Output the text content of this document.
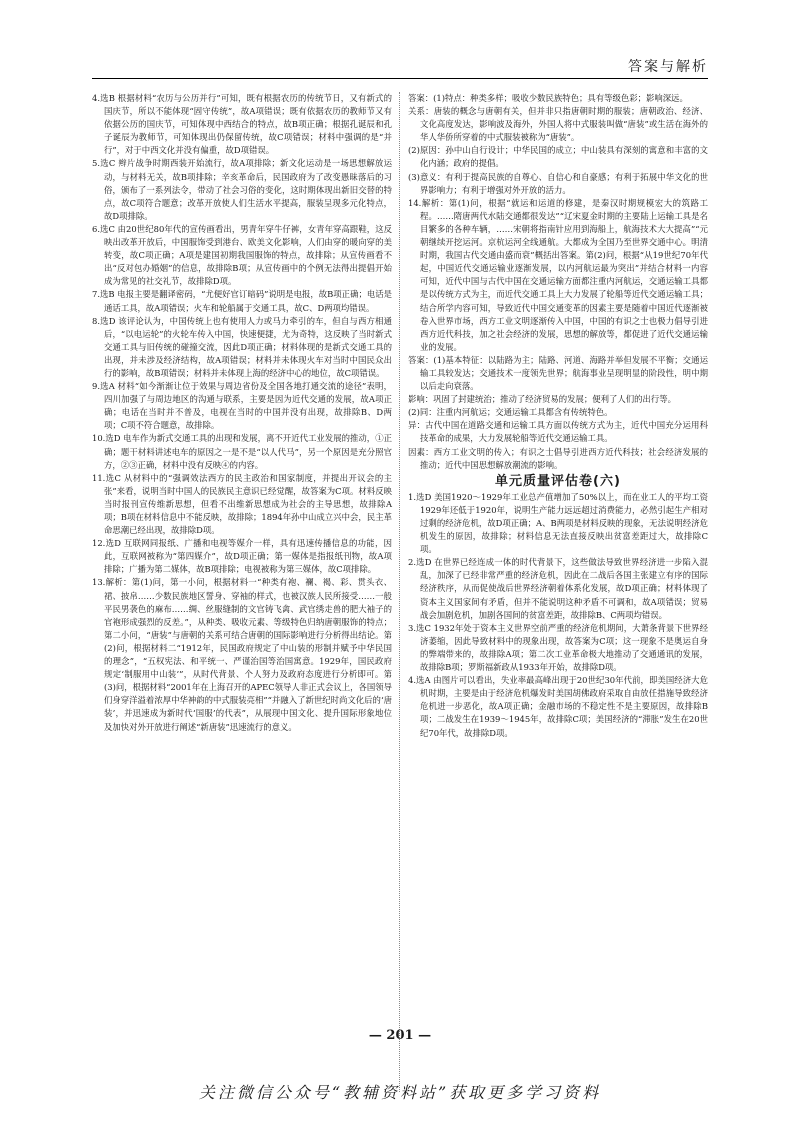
答案与解析

4.选B 根据材料“农历与公历并行”可知，既有根据农历的传统节日，又有新式的国庆节，所以不能体现“固守传统”，故A项错误；既有依据农历的教师节又有依据公历的国庆节，可知体现中西结合的特点，故B项正确；根据孔诞辰和孔子诞辰为教师节，可知体现出仍保留传统，故C项错误；材料中强调的是“并行”，对于中西文化并没有偏重，故D项错误。

5.选C 辫片战争时期西装开始流行，故A项排除；新文化运动是一场思想解放运动，与材料无关，故B项排除；辛亥革命后，民国政府为了改变愚昧落后的习俗，颁布了一系列法令，带动了社会习俗的变化，这时期体现出新旧交替的特点，故C项符合题意；改革开放使人们生活水平提高，服装呈现多元化特点，故D项排除。

6.选C 由20世纪80年代的宣传画看出，男青年穿牛仔裤，女青年穿高跟鞋，这反映出改革开放后，中国服饰受到港台、欧美文化影响，人们由穿的暖向穿的美转变，故C项正确；A项是建国初期我国服饰的特点，故排除；从宣传画看不出“反对包办婚姻”的信息，故排除B项；从宣传画中的个例无法得出提倡开始成为常见的社交礼节，故排除D项。

7.选B 电报主要是翻译密码，“尤便好官订暗码”说明是电报，故B项正确；电话是通话工具，故A项错误；火车和轮船属于交通工具，故C、D两项均错误。

8.选D 该评论认为，中国传统上也有使用人力或马力牵引的车，但自与西方相通后，“以电运轮”的火轮车传入中国，快速便捷，尤为奇特，这反映了当时新式交通工具与旧传统的碰撞交流，因此D项正确；材料体现的是新式交通工具的出现，并未涉及经济结构，故A项错误；材料并未体现火车对当时中国民众出行的影响，故B项错误；材料并未体现上海的经济中心的地位，故C项错误。

9.选A 材料“如今渐渐让位于效果与周边省份及全国各地打通交流的途径”表明，四川加强了与周边地区的沟通与联系，主要是因为近代交通的发展，故A项正确；电话在当时并不普及，电视在当时的中国并没有出现，故排除B、D两项；C项不符合题意，故排除。

10.选D 电车作为新式交通工具的出现和发展，离不开近代工业发展的推动，①正确；题干材料讲述电车的原因之一是不是“以人代马”，另一个原因是充分照官方，②③正确，材料中没有反映④的内容。

11.选C 从材料中的“强调效法西方的民主政治和国家制度，并提出开议会的主张”来看，说明当时中国人的民族民主意识已经觉醒，故答案为C项。材料反映当时报刊宣传维新思想，但看不出维新思想成为社会的主导思想，故排除A项；B项在材料信息中不能反映，故排除；1894年孙中山成立兴中会，民主革命思潮已经出现，故排除D项。

12.选D 互联网同报纸、广播和电视等媒介一样，具有迅速传播信息的功能，因此，互联网被称为“第四媒介”，故D项正确；第一媒体是指报纸刊物，故A项排除；广播为第二媒体，故B项排除；电视被称为第三媒体，故C项排除。

13.解析：第(1)问，第一小问，根据材料一“种类有袍、襕、褐、彩、贯头衣、裙、披帛……少数民族地区誓身、穿袖的样式，也被汉族人民所接受……一般平民男袭色的麻布……绸、丝服缝制的文官铸飞禽、武官绣走兽的肥大袖子的官袍形成强烈的反差。”，从种类、吸收元素、等级特色归纳唐朝服饰的特点；第二小问，“唐装”与唐朝的关系可结合唐朝的国际影响进行分析得出结论。第(2)问，根据材料二“1912年，民国政府规定了中山装的形制并赋予中华民国的理念”，“五权宪法、和平统一、严谨治国等治国寓意。1929年，国民政府规定‘制服用中山装’”，从时代背景、个人努力及政府态度进行分析即可。第(3)问，根据材料“2001年在上海召开的APEC领导人非正式会议上，各国领导们身穿洋溢着浓厚中华神韵的中式服装亮相”“并融入了新世纪时尚文化后的‘唐装’，并迅速成为新时代‘国服’的代表”，从展现中国文化、提升国际形象地位及加快对外开放进行阐述“新唐装”迅速流行的意义。

答案：(1)特点：种类多样；吸收少数民族特色；具有等级色彩；影响深远。

关系：唐装的概念与唐朝有关，但并非只指唐朝时期的服装；唐朝政治、经济、文化高度发达，影响波及海外，外国人将中式服装叫做“唐装”或生活在海外的华人华侨所穿着的中式服装被称为“唐装”。

(2)原因：孙中山自行设计；中华民国的成立；中山装具有深刻的寓意和丰富的文化内涵；政府的提倡。

(3)意义：有利于提高民族的自尊心、自信心和自豪感；有利于拓展中华文化的世界影响力；有利于增强对外开放的活力。

14.解析：第(1)问，根据“就运和运道的修建，是秦汉时期规模宏大的筑路工程。……隋唐两代水陆交通都很发达”“辽宋夏金时期的主要陆上运输工具是名目繁多的各种车辆，……宋朝将指南针应用到海船上，航海技术大大提高”“元朝继续开挖运河。京杭运河全线通航。大都成为全国乃至世界交通中心。明清时期，我国古代交通由盛而衰”概括出答案。第(2)问，根据“从19世纪70年代起，中国近代交通运输业逐渐发展，以内河航运最为突出”并结合材料一内容可知，近代中国与古代中国在交通运输方面都注重内河航运，交通运输工具都是以传统方式为主，而近代交通工具上大力发展了轮船等近代交通运输工具；结合所学内容可知，导致近代中国交通变革的因素主要是随着中国近代逐渐被卷入世界市场，西方工业文明逐渐传入中国，中国的有识之士也极力倡导引进西方近代科技，加之社会经济的发展，思想的解放等，都促进了近代交通运输业的发展。

答案：(1)基本特征：以陆路为主；陆路、河道、海路并举但发展不平衡；交通运输工具较发达；交通技术一度领先世界；航海事业呈现明显的阶段性，明中期以后走向衰落。

影响：巩固了封建统治；推动了经济贸易的发展；便利了人们的出行等。

(2)同：注重内河航运；交通运输工具都含有传统特色。

异：古代中国在道路交通和运输工具方面以传统方式为主，近代中国充分运用科技革命的成果，大力发展轮船等近代交通运输工具。

因素：西方工业文明的传入；有识之士倡导引进西方近代科技；社会经济发展的推动；近代中国思想解放潮流的影响。

单元质量评估卷(六)

1.选D 美国1920～1929年工业总产值增加了50%以上，而在业工人的平均工资1929年还低于1920年，说明生产能力远远超过消费能力，必然引起生产相对过剩的经济危机，故D项正确；A、B两项是材料反映的现象，无法说明经济危机发生的原因，故排除；材料信息无法直接反映出贫富差距过大，故排除C项。

2.选D 在世界已经连成一体的时代背景下，这些做法导致世界经济进一步陷入混乱，加深了已经非常严重的经济危机，因此在二战后各国主张建立有序的国际经济秩序，从而促使战后世界经济朝着体系化发展，故D项正确；材料体现了资本主义国家间有矛盾，但并不能说明这种矛盾不可调和，故A项错误；贸易战会加剧危机，加剧各国间的贫富差距，故排除B、C两项均错误。

3.选C 1932年处于资本主义世界空前严重的经济危机期间，大萧条背景下世界经济萎缩，因此导致材料中的现象出现，故答案为C项；这一现象不是奥运自身的弊端带来的，故排除A项；第二次工业革命极大地推动了交通通讯的发展，故排除B项；罗斯福新政从1933年开始，故排除D项。

4.选A 由图片可以看出，失业率最高峰出现于20世纪30年代前，即美国经济大危机时期，主要是由于经济危机爆发时美国胡佛政府采取自由放任措施导致经济危机进一步恶化，故A项正确；金融市场的不稳定性不是主要原因，故排除B项；二战发生在1939～1945年，故排除C项；美国经济的“滞胀”发生在20世纪70年代，故排除D项。

— 201 —
关注微信公众号“教辅资料站”获取更多学习资料
